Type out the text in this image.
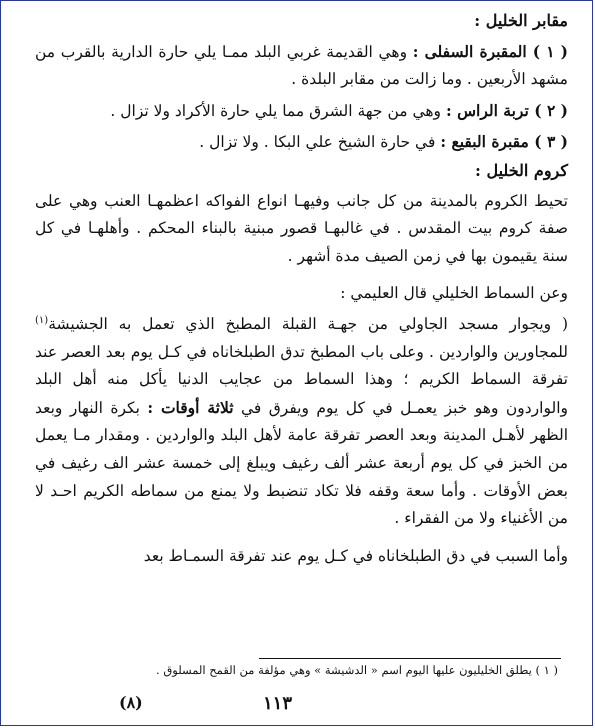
مقابر الخليل :

( ١ ) المقبرة السفلى : وهي القديمة غربي البلد ممـا يلي حارة الدارية بالقرب من مشهد الأربعين . وما زالت من مقابر البلدة .

( ٢ ) تربة الراس : وهي من جهة الشرق مما يلي حارة الأكراد ولا تزال .

( ٣ ) مقبرة البقيع : في حارة الشيخ علي البكا . ولا تزال .

كروم الخليل :

تحيط الكروم بالمدينة من كل جانب وفيهـا انواع الفواكه اعظمهـا العنب وهي على صفة كروم بيت المقدس . في غالبهـا قصور مبنية بالبناء المحكم . وأهلهـا في كل سنة يقيمون بها في زمن الصيف مدة أشهر .

وعن السماط الخليلي قال العليمي :

( ويجوار مسجد الجاولي من جهـة القبلة المطبخ الذي تعمل به الجشيشة$^{(١)}$ للمجاورين والواردين . وعلى باب المطبخ تدق الطبلخاناه في كـل يوم بعد العصر عند تفرقة السماط الكريم ؛ وهذا السماط من عجايب الدنيا يأكل منه أهل البلد والواردون وهو خبز يعمـل في كل يوم ويفرق في ثلاثة أوقات : بكرة النهار وبعد الظهر لأهـل المدينة وبعد العصر تفرقة عامة لأهل البلد والواردين . ومقدار مـا يعمل من الخبز في كل يوم أربعة عشر ألف رغيف ويبلغ إلى خمسة عشر الف رغيف في بعض الأوقات . وأما سعة وقفه فلا تكاد تنضبط ولا يمنع من سماطه الكريم احـد لا من الأغنياء ولا من الفقراء .

وأما السبب في دق الطبلخاناه في كـل يوم عند تفرقة السمـاط بعد

( ١ ) يطلق الخليليون عليها اليوم اسم « الدشيشة » وهي مؤلفة من القمح المسلوق .
١١٣
(٨)
